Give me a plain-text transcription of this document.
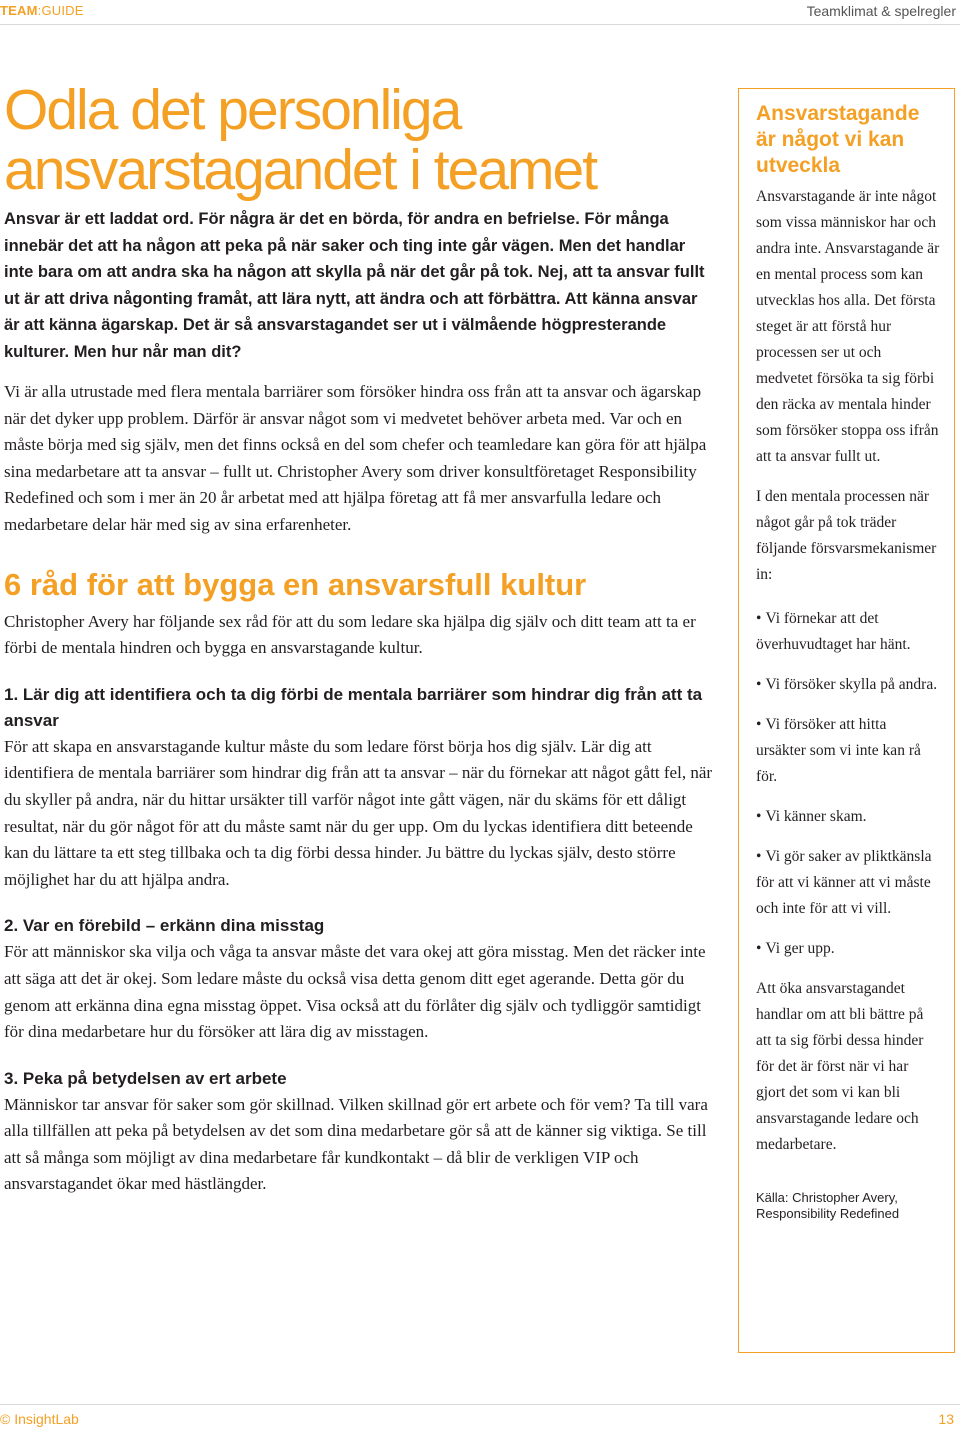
TEAM:GUIDE	Teamklimat & spelregler
Odla det personliga
ansvarstagandet i teamet

Ansvar är ett laddat ord. För några är det en börda, för andra en befrielse. För många innebär det att ha någon att peka på när saker och ting inte går vägen. Men det handlar inte bara om att andra ska ha någon att skylla på när det går på tok. Nej, att ta ansvar fullt ut är att driva någonting framåt, att lära nytt, att ändra och att förbättra. Att känna ansvar är att känna ägarskap. Det är så ansvarstagandet ser ut i välmående högpresterande kulturer. Men hur når man dit?

Vi är alla utrustade med flera mentala barriärer som försöker hindra oss från att ta ansvar och ägarskap när det dyker upp problem. Därför är ansvar något som vi medvetet behöver arbeta med. Var och en måste börja med sig själv, men det finns också en del som chefer och teamledare kan göra för att hjälpa sina medarbetare att ta ansvar – fullt ut. Christopher Avery som driver konsultföretaget Responsibility Redefined och som i mer än 20 år arbetat med att hjälpa företag att få mer ansvarfulla ledare och medarbetare delar här med sig av sina erfarenheter.

6 råd för att bygga en ansvarsfull kultur

Christopher Avery har följande sex råd för att du som ledare ska hjälpa dig själv och ditt team att ta er förbi de mentala hindren och bygga en ansvarstagande kultur.

1. Lär dig att identifiera och ta dig förbi de mentala barriärer som hindrar dig från att ta ansvar

För att skapa en ansvarstagande kultur måste du som ledare först börja hos dig själv. Lär dig att identifiera de mentala barriärer som hindrar dig från att ta ansvar – när du förnekar att något gått fel, när du skyller på andra, när du hittar ursäkter till varför något inte gått vägen, när du skäms för ett dåligt resultat, när du gör något för att du måste samt när du ger upp. Om du lyckas identifiera ditt beteende kan du lättare ta ett steg tillbaka och ta dig förbi dessa hinder. Ju bättre du lyckas själv, desto större möjlighet har du att hjälpa andra.

2. Var en förebild – erkänn dina misstag

För att människor ska vilja och våga ta ansvar måste det vara okej att göra misstag. Men det räcker inte att säga att det är okej. Som ledare måste du också visa detta genom ditt eget agerande. Detta gör du genom att erkänna dina egna misstag öppet. Visa också att du förlåter dig själv och tydliggör samtidigt för dina medarbetare hur du försöker att lära dig av misstagen.

3. Peka på betydelsen av ert arbete

Människor tar ansvar för saker som gör skillnad. Vilken skillnad gör ert arbete och för vem? Ta till vara alla tillfällen att peka på betydelsen av det som dina medarbetare gör så att de känner sig viktiga. Se till att så många som möjligt av dina medarbetare får kundkontakt – då blir de verkligen VIP och ansvarstagandet ökar med hästlängder.

Ansvarstagande är något vi kan utveckla

Ansvarstagande är inte något som vissa människor har och andra inte. Ansvarstagande är en mental process som kan utvecklas hos alla. Det första steget är att förstå hur processen ser ut och medvetet försöka ta sig förbi den räcka av mentala hinder som försöker stoppa oss ifrån att ta ansvar fullt ut.

I den mentala processen när något går på tok träder följande försvarsmekanismer in:

• Vi förnekar att det överhuvudtaget har hänt.
• Vi försöker skylla på andra.
• Vi försöker att hitta ursäkter som vi inte kan rå för.
• Vi känner skam.
• Vi gör saker av pliktkänsla för att vi känner att vi måste och inte för att vi vill.
• Vi ger upp.

Att öka ansvarstagandet handlar om att bli bättre på att ta sig förbi dessa hinder för det är först när vi har gjort det som vi kan bli ansvarstagande ledare och medarbetare.

Källa: Christopher Avery, Responsibility Redefined

© InsightLab	13
